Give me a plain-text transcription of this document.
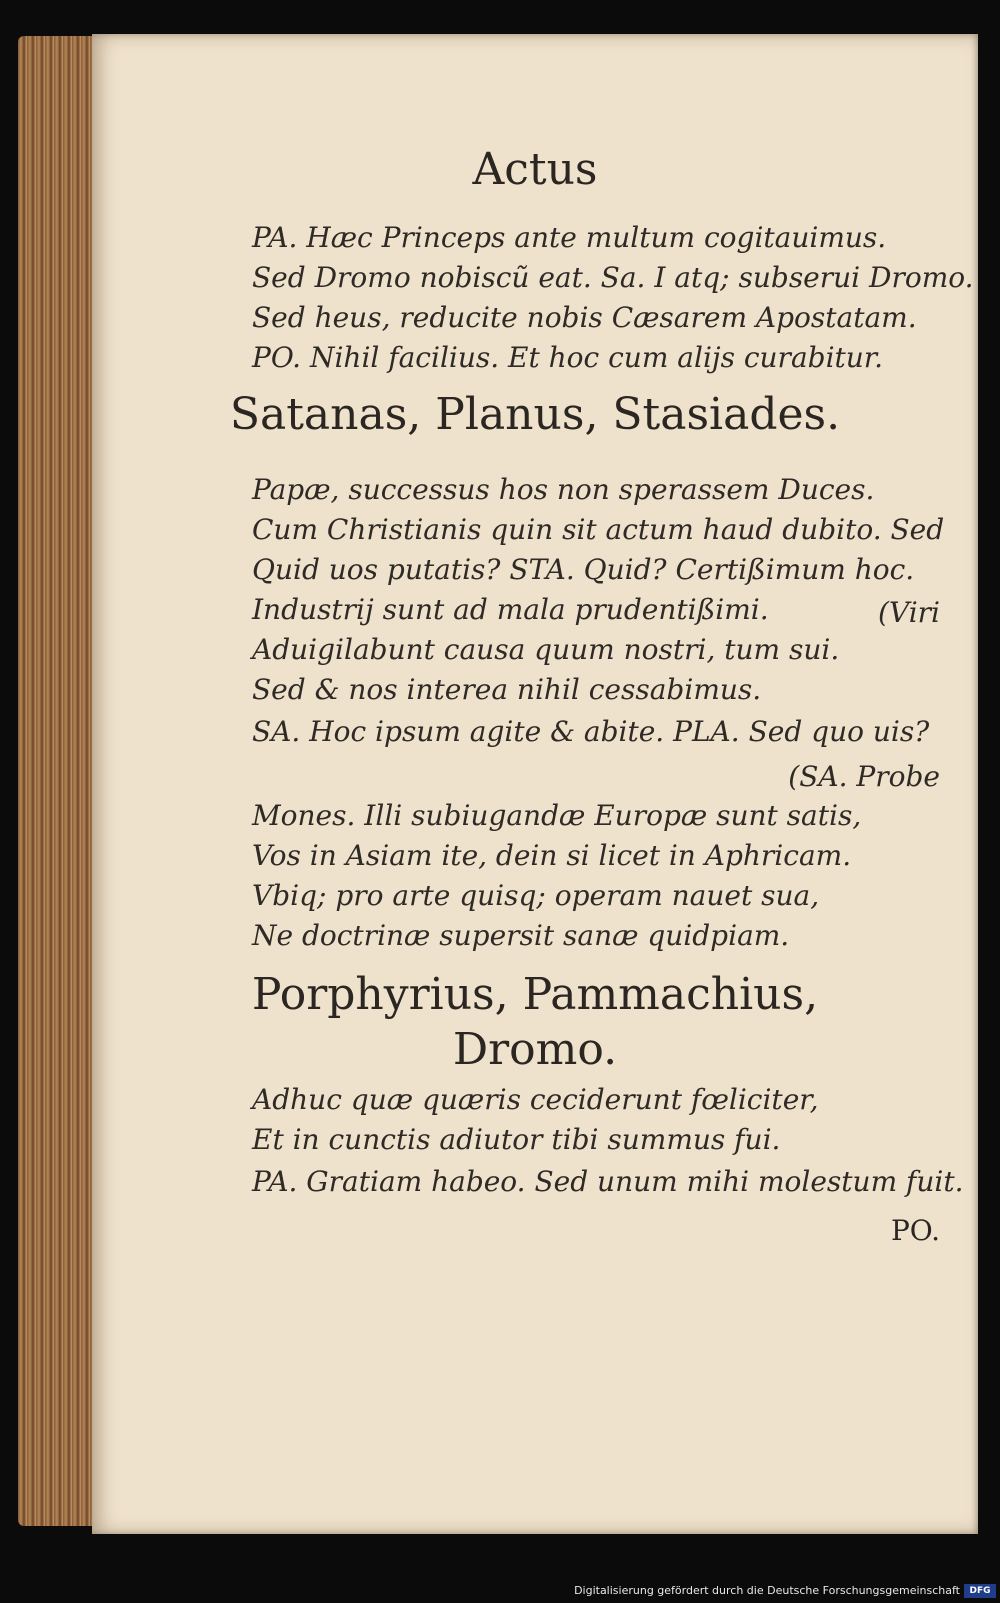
Actus
PA. Hæc Princeps ante multum cogitauimus.
Sed Dromo nobiscũ eat. Sa. I atq; subserui Dromo.
Sed heus, reducite nobis Cæsarem Apostatam.
PO. Nihil facilius. Et hoc cum alijs curabitur.
Satanas, Planus, Stasiades.
Papæ, successus hos non sperassem Duces.
Cum Christianis quin sit actum haud dubito. Sed
Quid uos putatis? STA. Quid? Certißimum hoc.
Industrij sunt ad mala prudentißimi.	(Viri
Aduigilabunt causa quum nostri, tum sui.
Sed & nos interea nihil cessabimus.
SA. Hoc ipsum agite & abite. PLA. Sed quo uis?
(SA. Probe
Mones. Illi subiugandæ Europæ sunt satis,
Vos in Asiam ite, dein si licet in Aphricam.
Vbiq; pro arte quisq; operam nauet sua,
Ne doctrinæ supersit sanæ quidpiam.
Porphyrius, Pammachius,
Dromo.
Adhuc quæ quæris ceciderunt fœliciter,
Et in cunctis adiutor tibi summus fui.
PA. Gratiam habeo. Sed unum mihi molestum fuit.
PO.
Digitalisierung gefördert durch die Deutsche Forschungsgemeinschaft	DFG
